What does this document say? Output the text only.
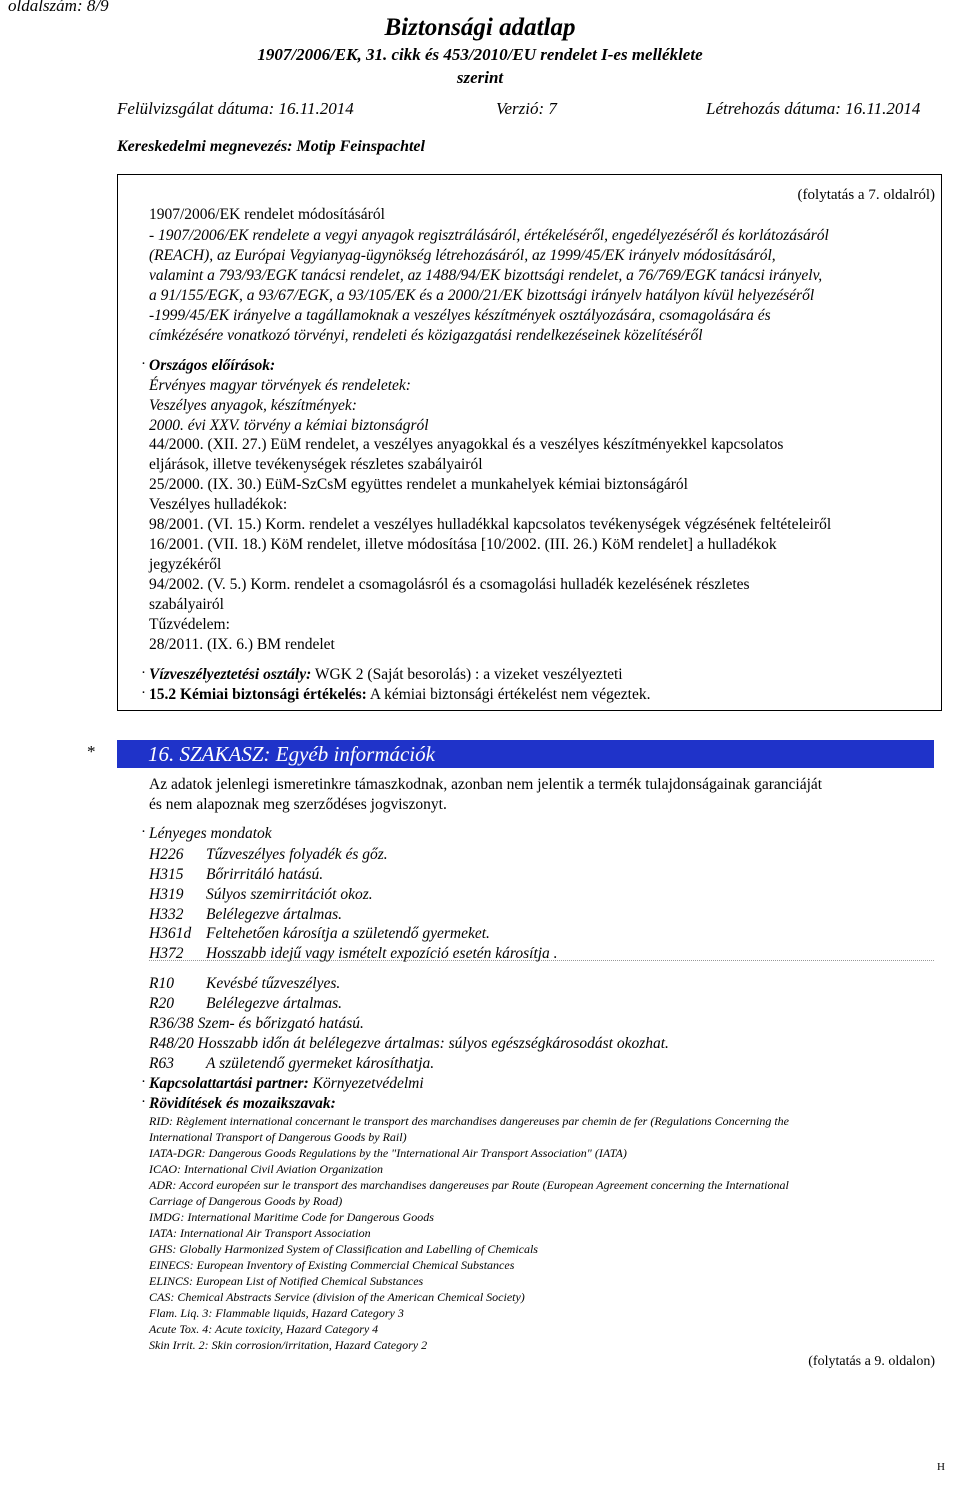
oldalszám: 8/9
Biztonsági adatlap
1907/2006/EK, 31. cikk és 453/2010/EU rendelet I-es melléklete
szerint
Felülvizsgálat dátuma: 16.11.2014	Verzió: 7	Létrehozás dátuma: 16.11.2014
Kereskedelmi megnevezés: Motip Feinspachtel
(folytatás a 7. oldalról)
1907/2006/EK rendelet módosításáról
- 1907/2006/EK rendelete a vegyi anyagok regisztrálásáról, értékeléséről, engedélyezéséről és korlátozásáról
(REACH), az Európai Vegyianyag-ügynökség létrehozásáról, az 1999/45/EK irányelv módosításáról,
valamint a 793/93/EGK tanácsi rendelet, az 1488/94/EK bizottsági rendelet, a 76/769/EGK tanácsi irányelv,
a 91/155/EGK, a 93/67/EGK, a 93/105/EK és a 2000/21/EK bizottsági irányelv hatályon kívül helyezéséről
-1999/45/EK irányelve a tagállamoknak a veszélyes készítmények osztályozására, csomagolására és
címkézésére vonatkozó törvényi, rendeleti és közigazgatási rendelkezéseinek közelítéséről
· Országos előírások:
Érvényes magyar törvények és rendeletek:
Veszélyes anyagok, készítmények:
2000. évi XXV. törvény a kémiai biztonságról
44/2000. (XII. 27.) EüM rendelet, a veszélyes anyagokkal és a veszélyes készítményekkel kapcsolatos
eljárások, illetve tevékenységek részletes szabályairól
25/2000. (IX. 30.) EüM-SzCsM együttes rendelet a munkahelyek kémiai biztonságáról
Veszélyes hulladékok:
98/2001. (VI. 15.) Korm. rendelet a veszélyes hulladékkal kapcsolatos tevékenységek végzésének feltételeiről
16/2001. (VII. 18.) KöM rendelet, illetve módosítása [10/2002. (III. 26.) KöM rendelet] a hulladékok
jegyzékéről
94/2002. (V. 5.) Korm. rendelet a csomagolásról és a csomagolási hulladék kezelésének részletes
szabályairól
Tűzvédelem:
28/2011. (IX. 6.) BM rendelet
· Vízveszélyeztetési osztály: WGK 2 (Saját besorolás) : a vizeket veszélyezteti
· 15.2 Kémiai biztonsági értékelés: A kémiai biztonsági értékelést nem végeztek.
*	16. SZAKASZ: Egyéb információk
Az adatok jelenlegi ismeretinkre támaszkodnak, azonban nem jelentik a termék tulajdonságainak garanciáját
és nem alapoznak meg szerződéses jogviszonyt.
· Lényeges mondatok
H226 Tűzveszélyes folyadék és gőz.
H315 Bőrirritáló hatású.
H319 Súlyos szemirritációt okoz.
H332 Belélegezve ártalmas.
H361d Feltehetően károsítja a születendő gyermeket.
H372 Hosszabb idejű vagy ismételt expozíció esetén károsítja .
R10 Kevésbé tűzveszélyes.
R20 Belélegezve ártalmas.
R36/38 Szem- és bőrizgató hatású.
R48/20 Hosszabb időn át belélegezve ártalmas: súlyos egészségkárosodást okozhat.
R63 A születendő gyermeket károsíthatja.
· Kapcsolattartási partner: Környezetvédelmi
· Rövidítések és mozaikszavak:
RID: Règlement international concernant le transport des marchandises dangereuses par chemin de fer (Regulations Concerning the
International Transport of Dangerous Goods by Rail)
IATA-DGR: Dangerous Goods Regulations by the "International Air Transport Association" (IATA)
ICAO: International Civil Aviation Organization
ADR: Accord européen sur le transport des marchandises dangereuses par Route (European Agreement concerning the International
Carriage of Dangerous Goods by Road)
IMDG: International Maritime Code for Dangerous Goods
IATA: International Air Transport Association
GHS: Globally Harmonized System of Classification and Labelling of Chemicals
EINECS: European Inventory of Existing Commercial Chemical Substances
ELINCS: European List of Notified Chemical Substances
CAS: Chemical Abstracts Service (division of the American Chemical Society)
Flam. Liq. 3: Flammable liquids, Hazard Category 3
Acute Tox. 4: Acute toxicity, Hazard Category 4
Skin Irrit. 2: Skin corrosion/irritation, Hazard Category 2
(folytatás a 9. oldalon)
H
